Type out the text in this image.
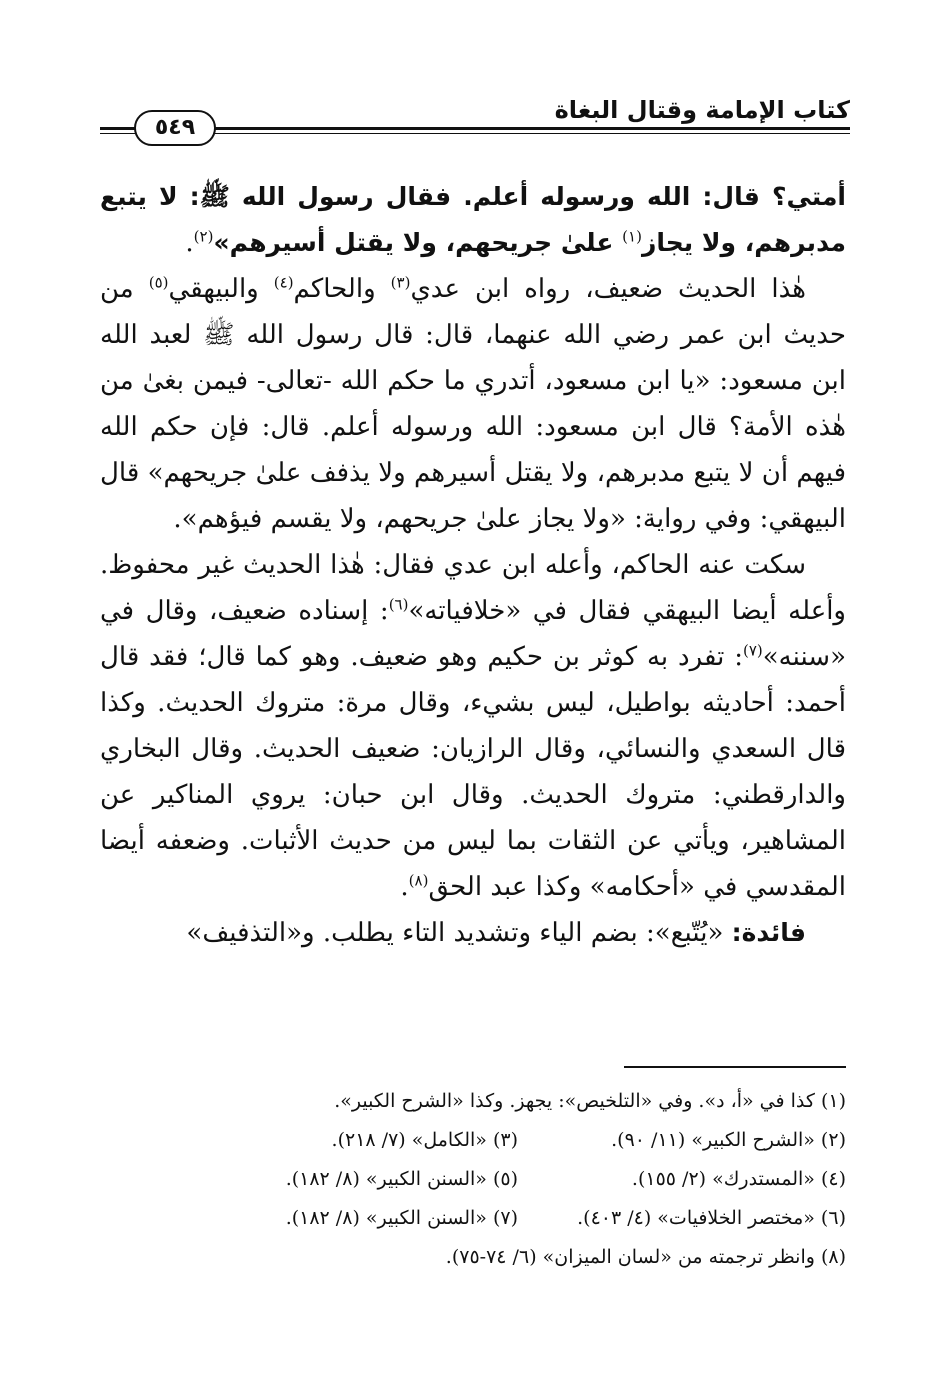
كتاب الإمامة وقتال البغاة
٥٤٩

أمتي؟ قال: الله ورسوله أعلم. فقال رسول الله ﷺ: لا يتبع مدبرهم، ولا يجاز$^{(١)}$ علىٰ جريحهم، ولا يقتل أسيرهم»$^{(٢)}$.

هٰذا الحديث ضعيف، رواه ابن عدي$^{(٣)}$ والحاكم$^{(٤)}$ والبيهقي$^{(٥)}$ من حديث ابن عمر رضي الله عنهما، قال: قال رسول الله ﷺ لعبد الله ابن مسعود: «يا ابن مسعود، أتدري ما حكم الله -تعالى- فيمن بغىٰ من هٰذه الأمة؟ قال ابن مسعود: الله ورسوله أعلم. قال: فإن حكم الله فيهم أن لا يتبع مدبرهم، ولا يقتل أسيرهم ولا يذفف علىٰ جريحهم» قال البيهقي: وفي رواية: «ولا يجاز علىٰ جريحهم، ولا يقسم فيؤهم».

سكت عنه الحاكم، وأعله ابن عدي فقال: هٰذا الحديث غير محفوظ. وأعله أيضا البيهقي فقال في «خلافياته»$^{(٦)}$: إسناده ضعيف، وقال في «سننه»$^{(٧)}$: تفرد به كوثر بن حكيم وهو ضعيف. وهو كما قال؛ فقد قال أحمد: أحاديثه بواطيل، ليس بشيء، وقال مرة: متروك الحديث. وكذا قال السعدي والنسائي، وقال الرازيان: ضعيف الحديث. وقال البخاري والدارقطني: متروك الحديث. وقال ابن حبان: يروي المناكير عن المشاهير، ويأتي عن الثقات بما ليس من حديث الأثبات. وضعفه أيضا المقدسي في «أحكامه» وكذا عبد الحق$^{(٨)}$.

فائدة: «يُتّبع»: بضم الياء وتشديد التاء يطلب. و«التذفيف»

(١) كذا في «أ، د». وفي «التلخيص»: يجهز. وكذا «الشرح الكبير».
(٢) «الشرح الكبير» (١١/ ٩٠).
(٣) «الكامل» (٧/ ٢١٨).
(٤) «المستدرك» (٢/ ١٥٥).
(٥) «السنن الكبير» (٨/ ١٨٢).
(٦) «مختصر الخلافيات» (٤/ ٤٠٣).
(٧) «السنن الكبير» (٨/ ١٨٢).
(٨) وانظر ترجمته من «لسان الميزان» (٦/ ٧٤-٧٥).
